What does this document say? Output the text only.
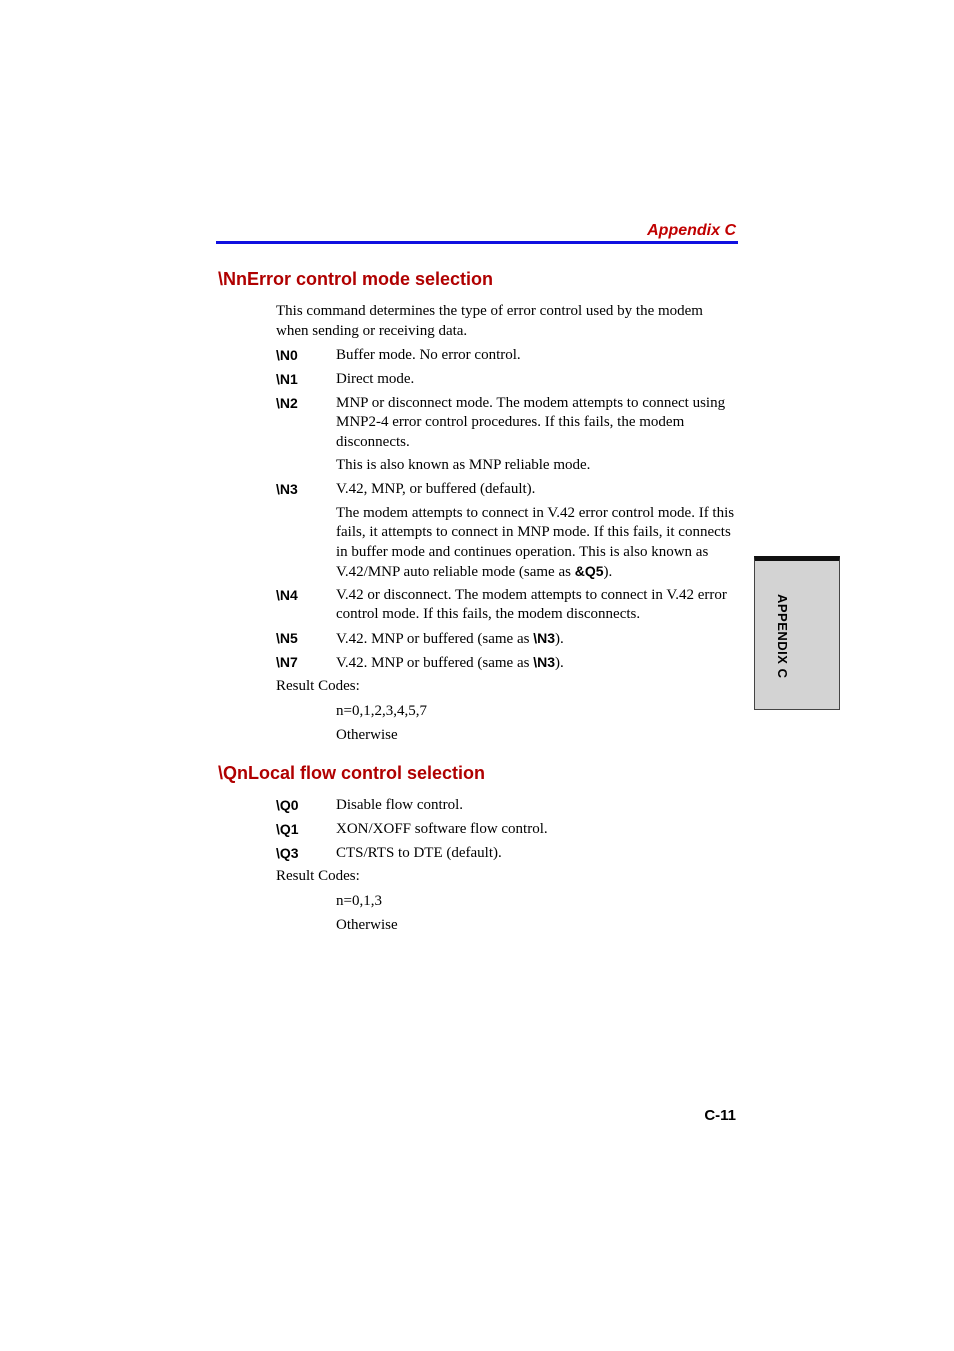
Appendix C
\NnError control mode selection
This command determines the type of error control used by the modem when sending or receiving data.
\N0	Buffer mode. No error control.
\N1	Direct mode.
\N2	MNP or disconnect mode. The modem attempts to connect using MNP2-4 error control procedures. If this fails, the modem disconnects.
This is also known as MNP reliable mode.
\N3	V.42, MNP, or buffered (default).
The modem attempts to connect in V.42 error control mode. If this fails, it attempts to connect in MNP mode. If this fails, it connects in buffer mode and continues operation. This is also known as V.42/MNP auto reliable mode (same as &Q5).
\N4	V.42 or disconnect. The modem attempts to connect in V.42 error control mode. If this fails, the modem disconnects.
\N5	V.42. MNP or buffered (same as \N3).
\N7	V.42. MNP or buffered (same as \N3).
Result Codes:
n=0,1,2,3,4,5,7
Otherwise
\QnLocal flow control selection
\Q0 Disable flow control.
\Q1 XON/XOFF software flow control.
\Q3 CTS/RTS to DTE (default).
Result Codes:
n=0,1,3
Otherwise
APPENDIX C
C-11
